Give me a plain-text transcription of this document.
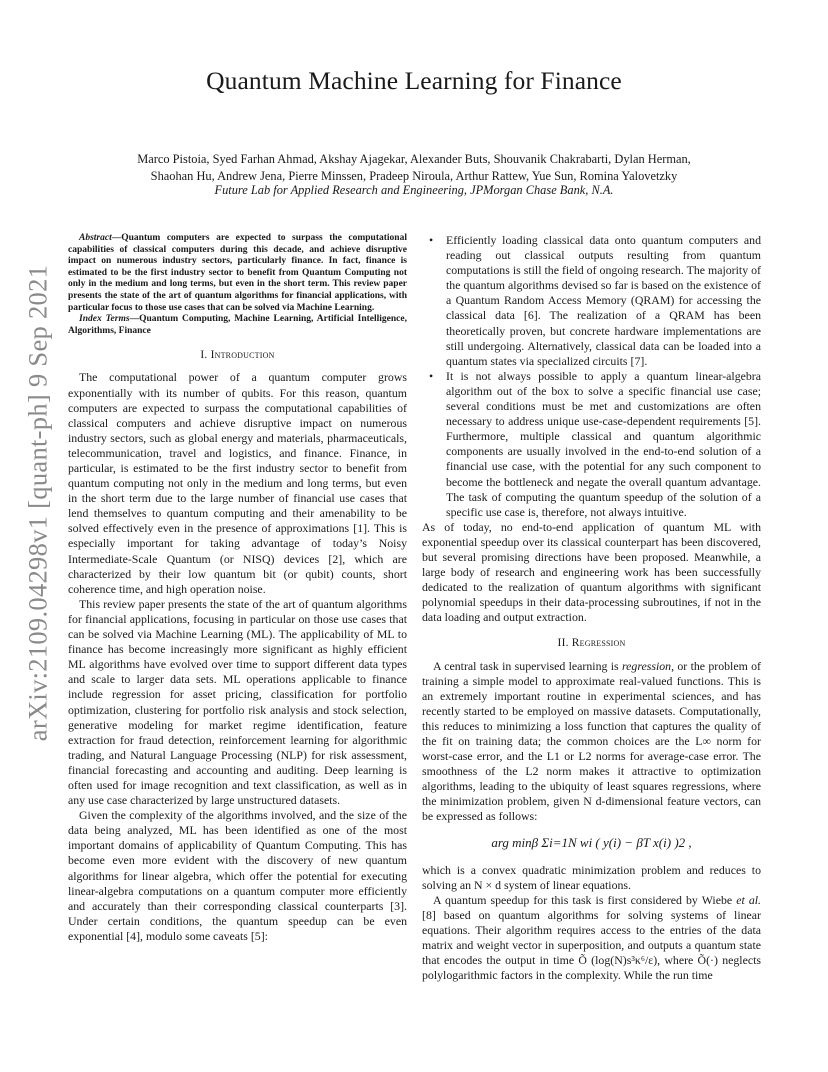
Quantum Machine Learning for Finance
Marco Pistoia, Syed Farhan Ahmad, Akshay Ajagekar, Alexander Buts, Shouvanik Chakrabarti, Dylan Herman,
Shaohan Hu, Andrew Jena, Pierre Minssen, Pradeep Niroula, Arthur Rattew, Yue Sun, Romina Yalovetzky
Future Lab for Applied Research and Engineering, JPMorgan Chase Bank, N.A.
arXiv:2109.04298v1 [quant-ph] 9 Sep 2021

Abstract—Quantum computers are expected to surpass the computational capabilities of classical computers during this decade, and achieve disruptive impact on numerous industry sectors, particularly finance. In fact, finance is estimated to be the first industry sector to benefit from Quantum Computing not only in the medium and long terms, but even in the short term. This review paper presents the state of the art of quantum algorithms for financial applications, with particular focus to those use cases that can be solved via Machine Learning.

Index Terms—Quantum Computing, Machine Learning, Artificial Intelligence, Algorithms, Finance

I. Introduction

The computational power of a quantum computer grows exponentially with its number of qubits. For this reason, quantum computers are expected to surpass the computational capabilities of classical computers and achieve disruptive impact on numerous industry sectors, such as global energy and materials, pharmaceuticals, telecommunication, travel and logistics, and finance. Finance, in particular, is estimated to be the first industry sector to benefit from quantum computing not only in the medium and long terms, but even in the short term due to the large number of financial use cases that lend themselves to quantum computing and their amenability to be solved effectively even in the presence of approximations [1]. This is especially important for taking advantage of today’s Noisy Intermediate-Scale Quantum (or NISQ) devices [2], which are characterized by their low quantum bit (or qubit) counts, short coherence time, and high operation noise.

This review paper presents the state of the art of quantum algorithms for financial applications, focusing in particular on those use cases that can be solved via Machine Learning (ML). The applicability of ML to finance has become increasingly more significant as highly efficient ML algorithms have evolved over time to support different data types and scale to larger data sets. ML operations applicable to finance include regression for asset pricing, classification for portfolio optimization, clustering for portfolio risk analysis and stock selection, generative modeling for market regime identification, feature extraction for fraud detection, reinforcement learning for algorithmic trading, and Natural Language Processing (NLP) for risk assessment, financial forecasting and accounting and auditing. Deep learning is often used for image recognition and text classification, as well as in any use case characterized by large unstructured datasets.

Given the complexity of the algorithms involved, and the size of the data being analyzed, ML has been identified as one of the most important domains of applicability of Quantum Computing. This has become even more evident with the discovery of new quantum algorithms for linear algebra, which offer the potential for executing linear-algebra computations on a quantum computer more efficiently and accurately than their corresponding classical counterparts [3]. Under certain conditions, the quantum speedup can be even exponential [4], modulo some caveats [5]:

• Efficiently loading classical data onto quantum computers and reading out classical outputs resulting from quantum computations is still the field of ongoing research. The majority of the quantum algorithms devised so far is based on the existence of a Quantum Random Access Memory (QRAM) for accessing the classical data [6]. The realization of a QRAM has been theoretically proven, but concrete hardware implementations are still undergoing. Alternatively, classical data can be loaded into a quantum states via specialized circuits [7].
• It is not always possible to apply a quantum linear-algebra algorithm out of the box to solve a specific financial use case; several conditions must be met and customizations are often necessary to address unique use-case-dependent requirements [5]. Furthermore, multiple classical and quantum algorithmic components are usually involved in the end-to-end solution of a financial use case, with the potential for any such component to become the bottleneck and negate the overall quantum advantage. The task of computing the quantum speedup of the solution of a specific use case is, therefore, not always intuitive.

As of today, no end-to-end application of quantum ML with exponential speedup over its classical counterpart has been discovered, but several promising directions have been proposed. Meanwhile, a large body of research and engineering work has been successfully dedicated to the realization of quantum algorithms with significant polynomial speedups in their data-processing subroutines, if not in the data loading and output extraction.

II. Regression

A central task in supervised learning is regression, or the problem of training a simple model to approximate real-valued functions. This is an extremely important routine in experimental sciences, and has recently started to be employed on massive datasets. Computationally, this reduces to minimizing a loss function that captures the quality of the fit on training data; the common choices are the L∞ norm for worst-case error, and the L1 or L2 norms for average-case error. The smoothness of the L2 norm makes it attractive to optimization algorithms, leading to the ubiquity of least squares regressions, where the minimization problem, given N d-dimensional feature vectors, can be expressed as follows:

arg minβ Σi=1N wi ( y(i) − βT x(i) )2 ,

which is a convex quadratic minimization problem and reduces to solving an N × d system of linear equations.

A quantum speedup for this task is first considered by Wiebe et al. [8] based on quantum algorithms for solving systems of linear equations. Their algorithm requires access to the entries of the data matrix and weight vector in superposition, and outputs a quantum state that encodes the output in time Õ (log(N)s³κ⁶/ε), where Õ(·) neglects polylogarithmic factors in the complexity. While the run time
